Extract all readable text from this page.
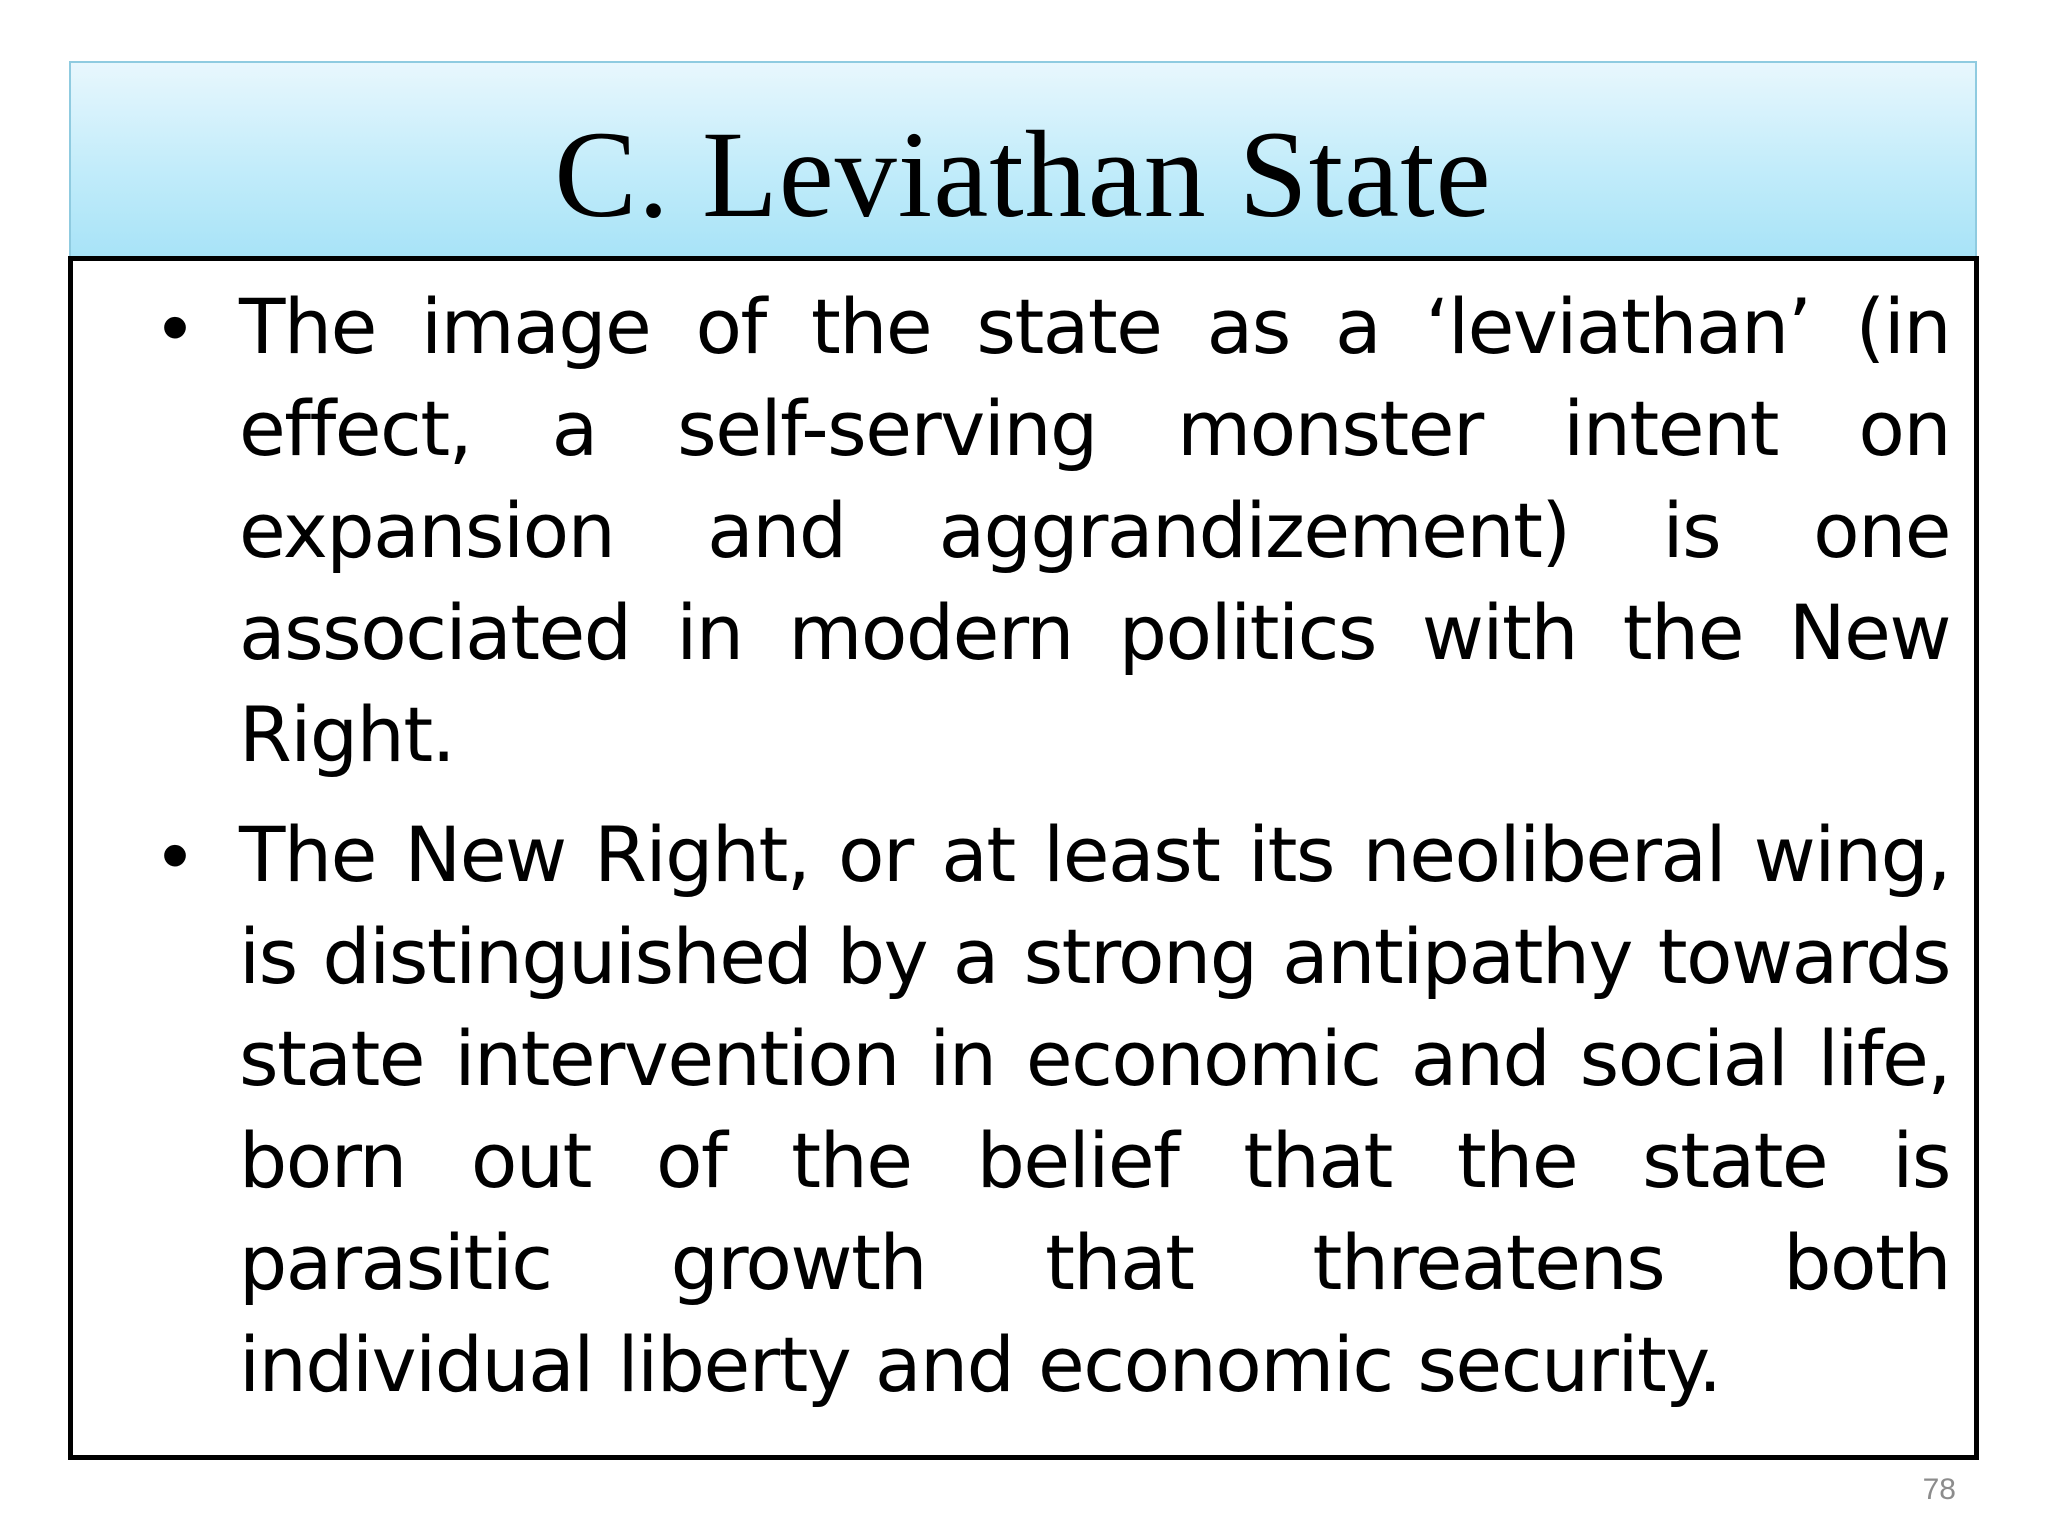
C. Leviathan State
• The image of the state as a ‘leviathan’ (in effect, a self-serving monster intent on expansion and aggrandizement) is one associated in modern politics with the New Right.
• The New Right, or at least its neoliberal wing, is distinguished by a strong antipathy towards state intervention in economic and social life, born out of the belief that the state is parasitic growth that threatens both individual liberty and economic security.
78
